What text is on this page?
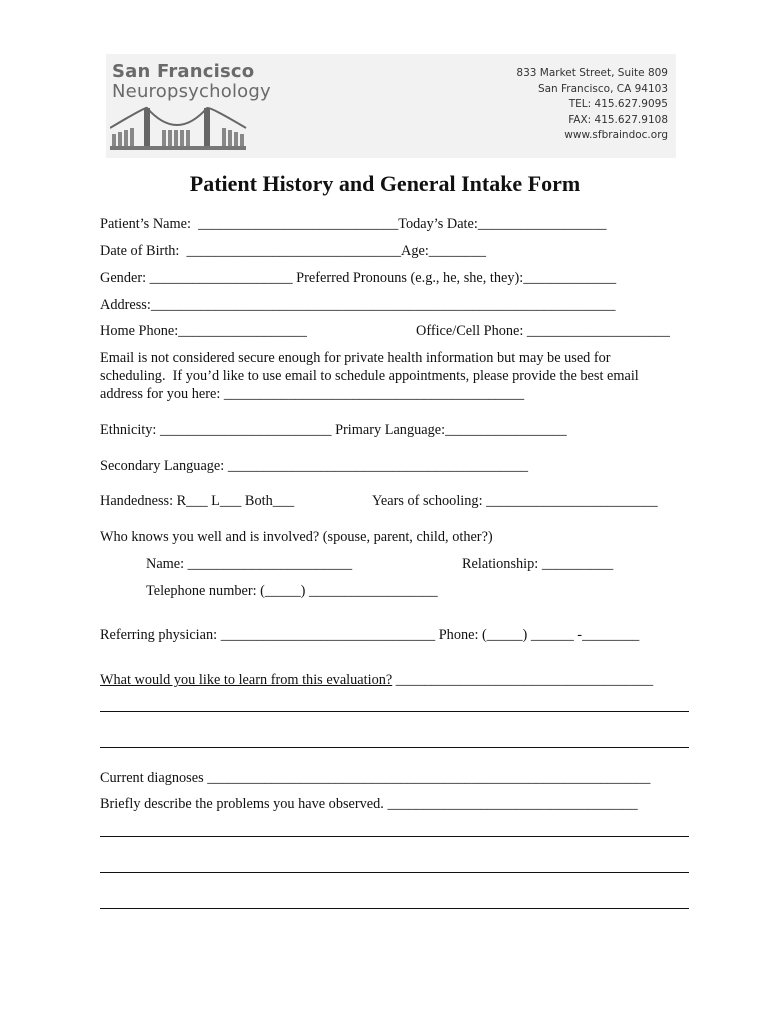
San Francisco
Neuropsychology
833 Market Street, Suite 809
San Francisco, CA 94103
TEL: 415.627.9095
FAX: 415.627.9108
www.sfbraindoc.org
Patient History and General Intake Form
Patient’s Name:  ____________________________Today’s Date:__________________
Date of Birth:  ______________________________Age:________
Gender: ____________________ Preferred Pronouns (e.g., he, she, they):_____________
Address:_________________________________________________________________
Home Phone:__________________	Office/Cell Phone: ____________________
Email is not considered secure enough for private health information but may be used for
scheduling.  If you’d like to use email to schedule appointments, please provide the best email
address for you here: __________________________________________
Ethnicity: ________________________ Primary Language:_________________
Secondary Language: __________________________________________
Handedness: R___ L___ Both___	Years of schooling: ________________________
Who knows you well and is involved? (spouse, parent, child, other?)
Name: _______________________	Relationship: __________
Telephone number: (_____) __________________
Referring physician: ______________________________ Phone: (_____) ______ -________
What would you like to learn from this evaluation? ____________________________________
Current diagnoses ______________________________________________________________
Briefly describe the problems you have observed. ___________________________________
